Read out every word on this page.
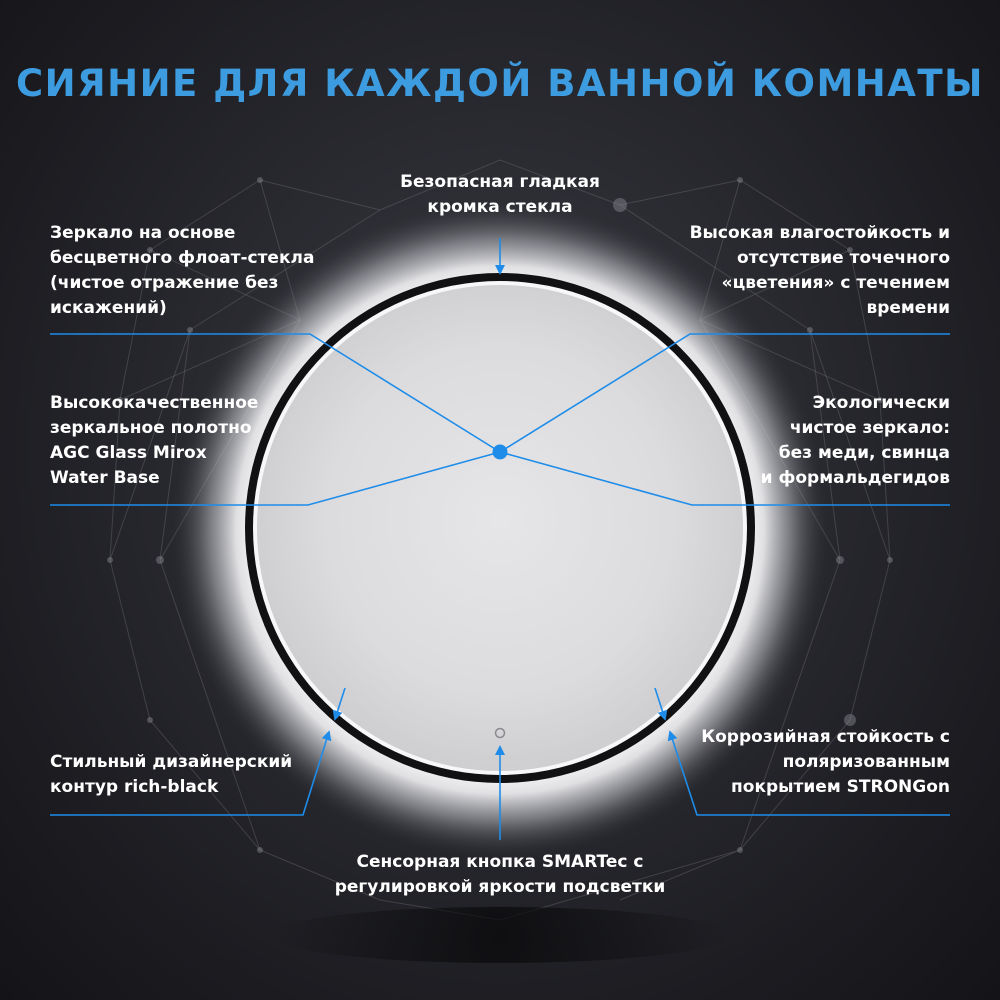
СИЯНИЕ ДЛЯ КАЖДОЙ ВАННОЙ КОМНАТЫ
Безопасная гладкая
кромка стекла
Зеркало на основе
бесцветного флоат-стекла
(чистое отражение без
искажений)
Высокая влагостойкость и
отсутствие точечного
«цветения» с течением
времени
Высококачественное
зеркальное полотно
AGC Glass Mirox
Water Base
Экологически
чистое зеркало:
без меди, свинца
и формальдегидов
Стильный дизайнерский
контур rich-black
Коррозийная стойкость с
поляризованным
покрытием STRONGon
Сенсорная кнопка SMARTec с
регулировкой яркости подсветки
